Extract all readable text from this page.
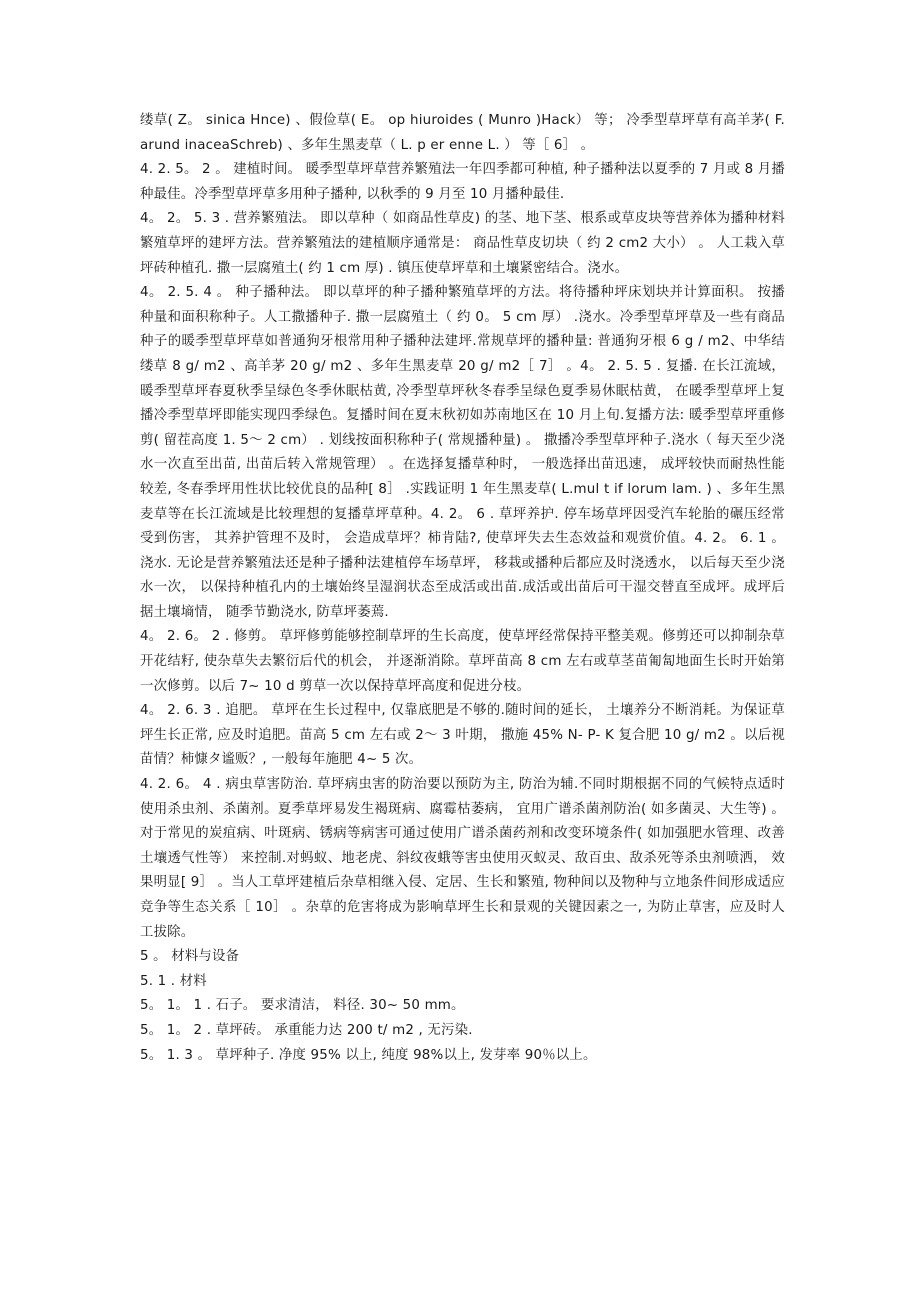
缕草( Z。 sinica Hnce) 、假俭草( E。 op hiuroides ( Munro )Hack） 等； 冷季型草坪草有高羊茅( F. arund inaceaSchreb) 、多年生黑麦草（ L. p er enne L. ） 等［ 6］ 。

4. 2. 5。 2 。 建植时间。 暖季型草坪草营养繁殖法一年四季都可种植, 种子播种法以夏季的 7 月或 8 月播种最佳。冷季型草坪草多用种子播种, 以秋季的 9 月至 10 月播种最佳.

4。 2。 5. 3 . 营养繁殖法。 即以草种（ 如商品性草皮) 的茎、地下茎、根系或草皮块等营养体为播种材料繁殖草坪的建坪方法。营养繁殖法的建植顺序通常是： 商品性草皮切块（ 约 2 cm2 大小） 。 人工栽入草坪砖种植孔. 撒一层腐殖土( 约 1 cm 厚) . 镇压使草坪草和土壤紧密结合。浇水。

4。 2. 5. 4 。 种子播种法。 即以草坪的种子播种繁殖草坪的方法。将待播种坪床划块并计算面积。 按播种量和面积称种子。人工撒播种子. 撒一层腐殖土（ 约 0。 5 cm 厚） .浇水。冷季型草坪草及一些有商品种子的暖季型草坪草如普通狗牙根常用种子播种法建坪.常规草坪的播种量: 普通狗牙根 6 g / m2、中华结缕草 8 g/ m2 、高羊茅 20 g/ m2 、多年生黑麦草 20 g/ m2［ 7］ 。4。 2. 5. 5 . 复播. 在长江流域， 暖季型草坪春夏秋季呈绿色冬季休眠枯黄, 冷季型草坪秋冬春季呈绿色夏季易休眠枯黄， 在暖季型草坪上复播冷季型草坪即能实现四季绿色。复播时间在夏末秋初如苏南地区在 10 月上旬.复播方法: 暖季型草坪重修剪( 留茬高度 1. 5～ 2 cm） . 划线按面积称种子( 常规播种量) 。 撒播冷季型草坪种子.浇水（ 每天至少浇水一次直至出苗, 出苗后转入常规管理） 。在选择复播草种时， 一般选择出苗迅速， 成坪较快而耐热性能较差, 冬春季坪用性状比较优良的品种[ 8］ .实践证明 1 年生黑麦草( L.mul t if lorum lam. ) 、多年生黑麦草等在长江流域是比较理想的复播草坪草种。4. 2。 6 . 草坪养护. 停车场草坪因受汽车轮胎的碾压经常受到伤害， 其养护管理不及时， 会造成草坪？柿肯陆?, 使草坪失去生态效益和观赏价值。4. 2。 6. 1 。 浇水. 无论是营养繁殖法还是种子播种法建植停车场草坪， 移栽或播种后都应及时浇透水， 以后每天至少浇水一次， 以保持种植孔内的土壤始终呈湿润状态至成活或出苗.成活或出苗后可干湿交替直至成坪。成坪后据土壤墒情， 随季节勤浇水, 防草坪萎蔫.

4。 2. 6。 2 . 修剪。 草坪修剪能够控制草坪的生长高度，使草坪经常保持平整美观。修剪还可以抑制杂草开花结籽, 使杂草失去繁衍后代的机会， 并逐渐消除。草坪苗高 8 cm 左右或草茎苗匍匐地面生长时开始第一次修剪。以后 7~ 10 d 剪草一次以保持草坪高度和促进分枝。

4。 2. 6. 3 . 追肥。 草坪在生长过程中, 仅靠底肥是不够的.随时间的延长， 土壤养分不断消耗。为保证草坪生长正常, 应及时追肥。苗高 5 cm 左右或 2～ 3 叶期， 撒施 45% N- P- K 复合肥 10 g/ m2 。以后视苗情？柿慷タ谧贩？, 一般每年施肥 4~ 5 次。

4. 2. 6。 4 . 病虫草害防治. 草坪病虫害的防治要以预防为主, 防治为辅.不同时期根据不同的气候特点适时使用杀虫剂、杀菌剂。夏季草坪易发生褐斑病、腐霉枯萎病， 宜用广谱杀菌剂防治( 如多菌灵、大生等) 。对于常见的炭疽病、叶斑病、锈病等病害可通过使用广谱杀菌药剂和改变环境条件( 如加强肥水管理、改善土壤透气性等） 来控制.对蚂蚁、地老虎、斜纹夜蛾等害虫使用灭蚁灵、敌百虫、敌杀死等杀虫剂喷洒， 效果明显[ 9］ 。当人工草坪建植后杂草相继入侵、定居、生长和繁殖, 物种间以及物种与立地条件间形成适应竞争等生态关系［ 10］ 。杂草的危害将成为影响草坪生长和景观的关键因素之一, 为防止草害，应及时人工拔除。

5 。 材料与设备

5. 1 . 材料

5。 1。 1 . 石子。 要求清洁， 料径. 30~ 50 mm。

5。 1。 2 . 草坪砖。 承重能力达 200 t/ m2 , 无污染.

5。 1. 3 。 草坪种子. 净度 95% 以上, 纯度 98%以上, 发芽率 90％以上。
